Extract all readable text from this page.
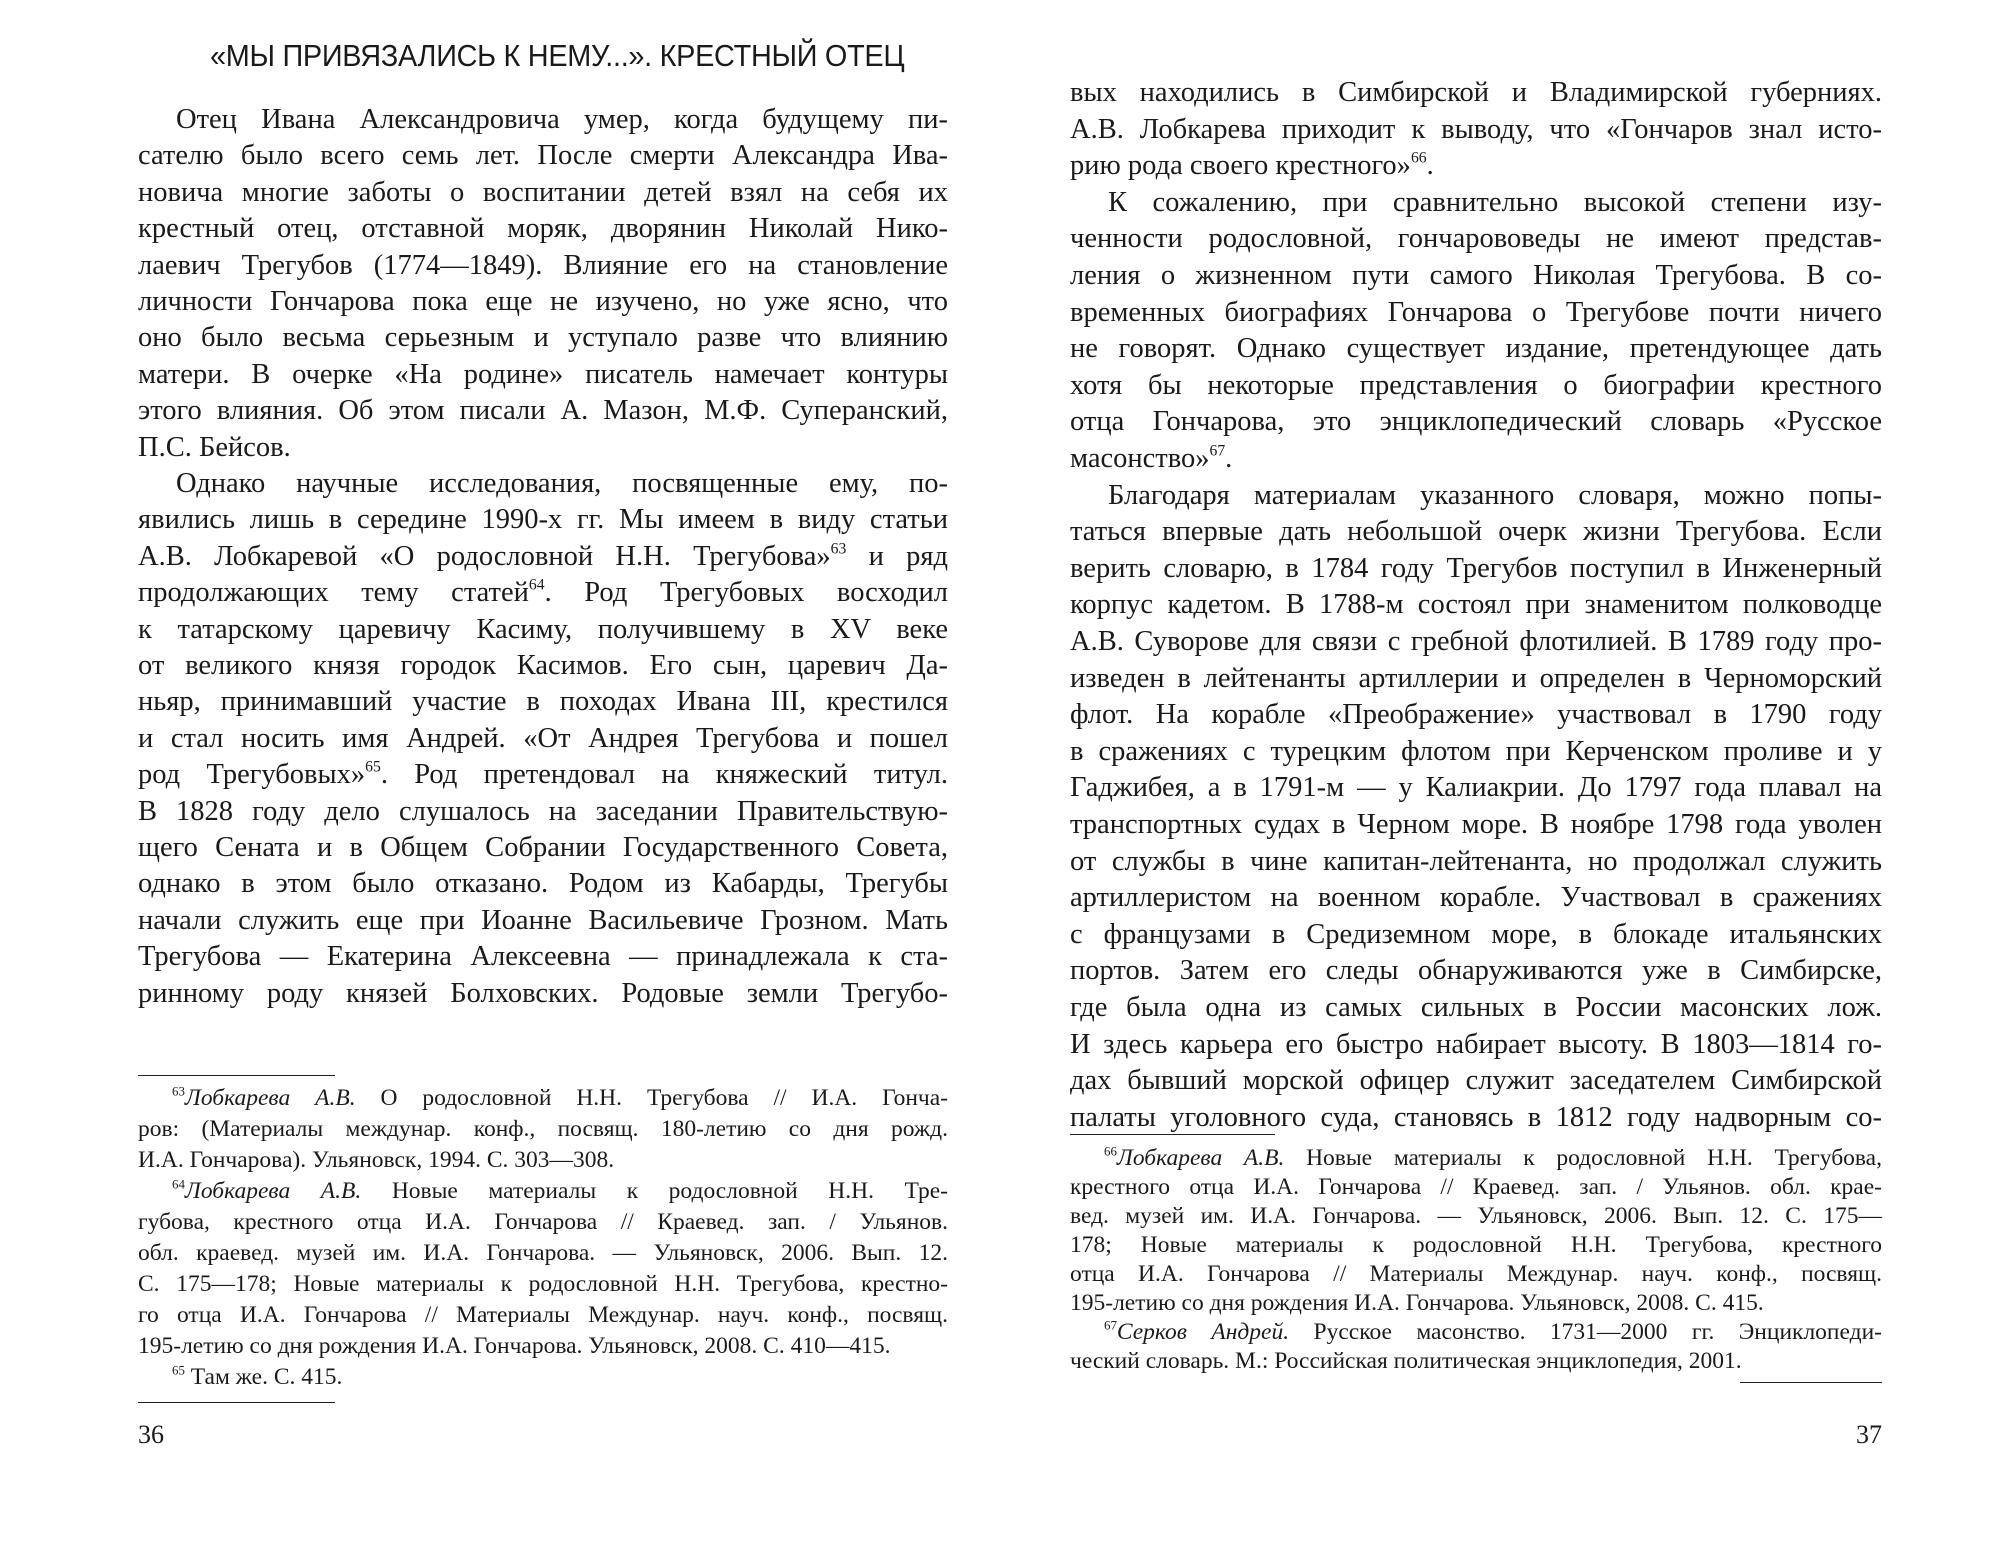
«МЫ ПРИВЯЗАЛИСЬ К НЕМУ...». КРЕСТНЫЙ ОТЕЦ
36
Отец Ивана Александровича умер, когда будущему пи-
сателю было всего семь лет. После смерти Александра Ива-
новича многие заботы о воспитании детей взял на себя их
крестный отец, отставной моряк, дворянин Николай Нико-
лаевич Трегубов (1774—1849). Влияние его на становление
личности Гончарова пока еще не изучено, но уже ясно, что
оно было весьма серьезным и уступало разве что влиянию
матери. В очерке «На родине» писатель намечает контуры
этого влияния. Об этом писали А. Мазон, М.Ф. Суперанский,
П.С. Бейсов.
Однако научные исследования, посвященные ему, по-
явились лишь в середине 1990-х гг. Мы имеем в виду статьи
А.В. Лобкаревой «О родословной Н.Н. Трегубова»$^{63}$ и ряд
продолжающих тему статей$^{64}$. Род Трегубовых восходил
к татарскому царевичу Касиму, получившему в XV веке
от великого князя городок Касимов. Его сын, царевич Да-
ньяр, принимавший участие в походах Ивана III, крестился
и стал носить имя Андрей. «От Андрея Трегубова и пошел
род Трегубовых»$^{65}$. Род претендовал на княжеский титул.
В 1828 году дело слушалось на заседании Правительствую-
щего Сената и в Общем Собрании Государственного Совета,
однако в этом было отказано. Родом из Кабарды, Трегубы
начали служить еще при Иоанне Васильевиче Грозном. Мать
Трегубова — Екатерина Алексеевна — принадлежала к ста-
ринному роду князей Болховских. Родовые земли Трегубо-
$^{63}$Лобкарева А.В. О родословной Н.Н. Трегубова // И.А. Гонча-
ров: (Материалы междунар. конф., посвящ. 180-летию со дня рожд.
И.А. Гончарова). Ульяновск, 1994. С. 303—308.
$^{64}$Лобкарева А.В. Новые материалы к родословной Н.Н. Тре-
губова, крестного отца И.А. Гончарова // Краевед. зап. / Ульянов.
обл. краевед. музей им. И.А. Гончарова. — Ульяновск, 2006. Вып. 12.
С. 175—178; Новые материалы к родословной Н.Н. Трегубова, крестно-
го отца И.А. Гончарова // Материалы Междунар. науч. конф., посвящ.
195-летию со дня рождения И.А. Гончарова. Ульяновск, 2008. С. 410—415.
$^{65}$ Там же. С. 415.
37
вых находились в Симбирской и Владимирской губерниях.
А.В. Лобкарева приходит к выводу, что «Гончаров знал исто-
рию рода своего крестного»$^{66}$.
К сожалению, при сравнительно высокой степени изу-
ченности родословной, гончарововеды не имеют представ-
ления о жизненном пути самого Николая Трегубова. В со-
временных биографиях Гончарова о Трегубове почти ничего
не говорят. Однако существует издание, претендующее дать
хотя бы некоторые представления о биографии крестного
отца Гончарова, это энциклопедический словарь «Русское
масонство»$^{67}$.
Благодаря материалам указанного словаря, можно попы-
таться впервые дать небольшой очерк жизни Трегубова. Если
верить словарю, в 1784 году Трегубов поступил в Инженерный
корпус кадетом. В 1788-м состоял при знаменитом полководце
А.В. Суворове для связи с гребной флотилией. В 1789 году про-
изведен в лейтенанты артиллерии и определен в Черноморский
флот. На корабле «Преображение» участвовал в 1790 году
в сражениях с турецким флотом при Керченском проливе и у
Гаджибея, а в 1791-м — у Калиакрии. До 1797 года плавал на
транспортных судах в Черном море. В ноябре 1798 года уволен
от службы в чине капитан-лейтенанта, но продолжал служить
артиллеристом на военном корабле. Участвовал в сражениях
с французами в Средиземном море, в блокаде итальянских
портов. Затем его следы обнаруживаются уже в Симбирске,
где была одна из самых сильных в России масонских лож.
И здесь карьера его быстро набирает высоту. В 1803—1814 го-
дах бывший морской офицер служит заседателем Симбирской
палаты уголовного суда, становясь в 1812 году надворным со-
$^{66}$Лобкарева А.В. Новые материалы к родословной Н.Н. Трегубова,
крестного отца И.А. Гончарова // Краевед. зап. / Ульянов. обл. крае-
вед. музей им. И.А. Гончарова. — Ульяновск, 2006. Вып. 12. С. 175—
178; Новые материалы к родословной Н.Н. Трегубова, крестного
отца И.А. Гончарова // Материалы Междунар. науч. конф., посвящ.
195-летию со дня рождения И.А. Гончарова. Ульяновск, 2008. С. 415.
$^{67}$Серков Андрей. Русское масонство. 1731—2000 гг. Энциклопеди-
ческий словарь. М.: Российская политическая энциклопедия, 2001.
